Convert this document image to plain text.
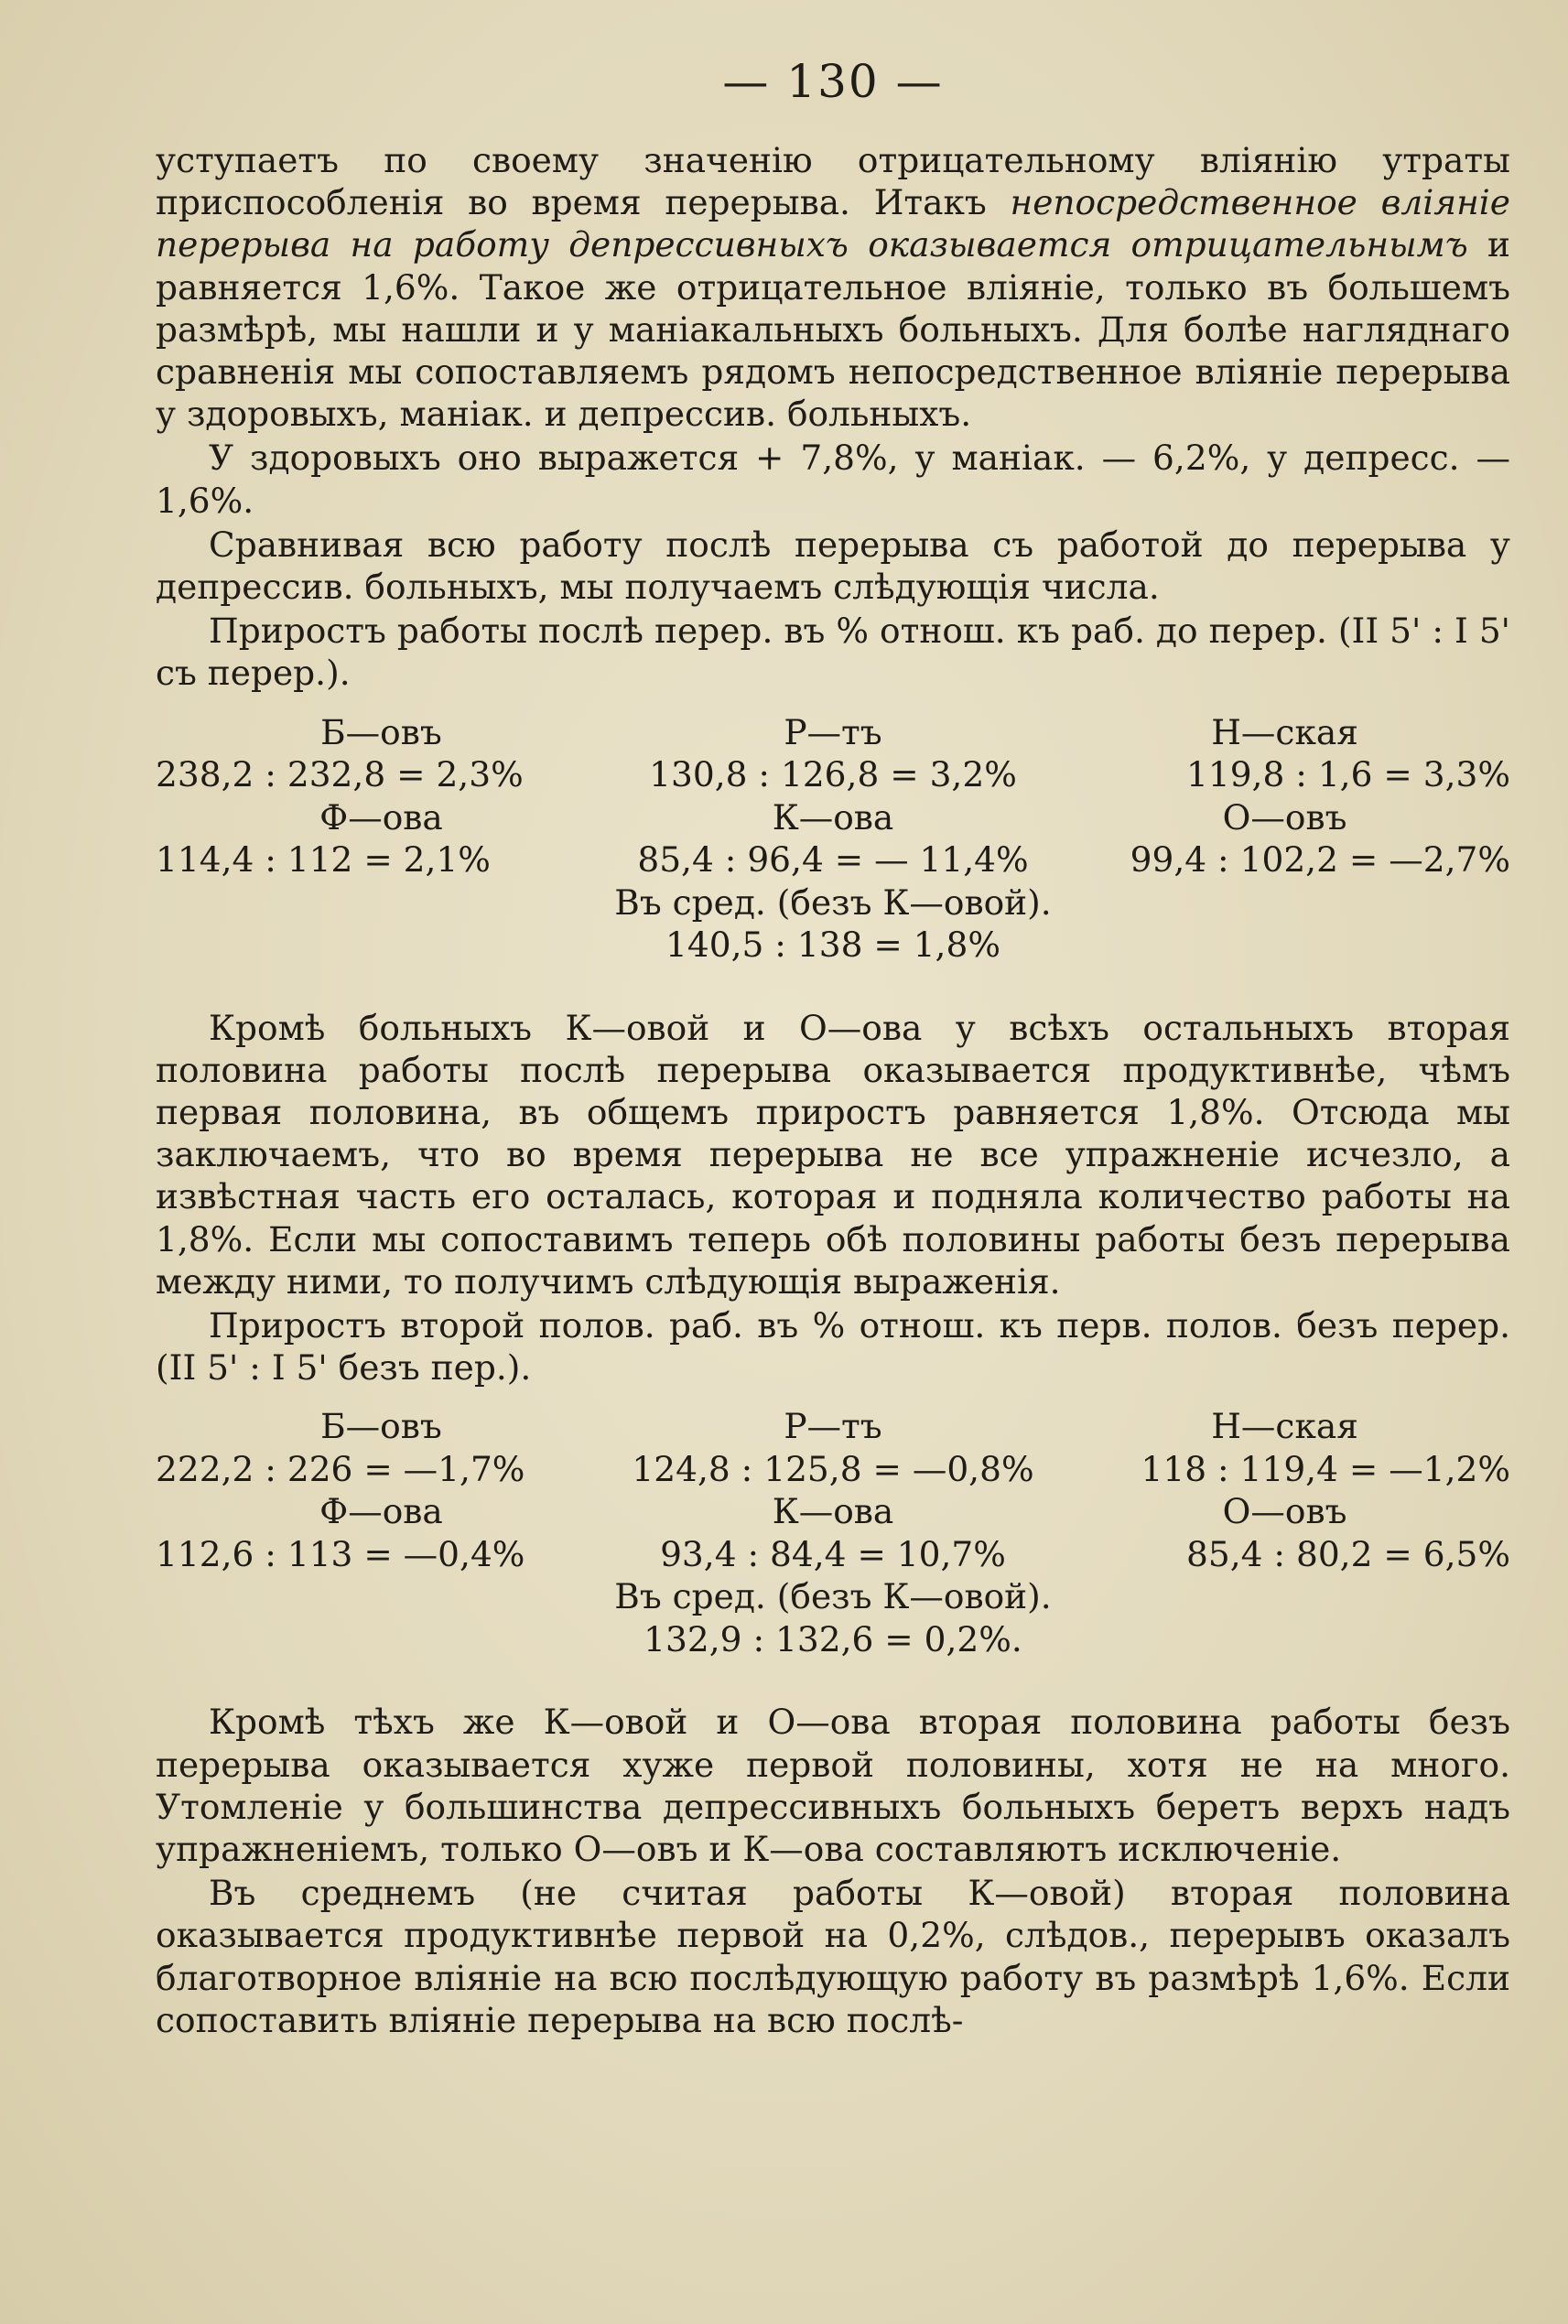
— 130 —

уступаетъ по своему значенію отрицательному вліянію утраты приспособленія во время перерыва. Итакъ непосредственное вліяніе перерыва на работу депрессивныхъ оказывается отрицательнымъ и равняется 1,6%. Такое же отрицательное вліяніе, только въ большемъ размѣрѣ, мы нашли и у маніакальныхъ больныхъ. Для болѣе нагляднаго сравненія мы сопоставляемъ рядомъ непосредственное вліяніе перерыва у здоровыхъ, маніак. и депрессив. больныхъ.

У здоровыхъ оно выражется + 7,8%, у маніак. — 6,2%, у депресс. —1,6%.

Сравнивая всю работу послѣ перерыва съ работой до перерыва у депрессив. больныхъ, мы получаемъ слѣдующія числа.

Приростъ работы послѣ перер. въ % отнош. къ раб. до перер. (II 5' : I 5' съ перер.).

Б—овъ	Р—тъ	Н—ская
238,2 : 232,8 = 2,3%	130,8 : 126,8 = 3,2%	119,8 : 1,6 = 3,3%
Ф—ова	К—ова	О—овъ
114,4 : 112 = 2,1%	85,4 : 96,4 = — 11,4%	99,4 : 102,2 = —2,7%
Въ сред. (безъ К—овой).
140,5 : 138 = 1,8%

Кромѣ больныхъ К—овой и О—ова у всѣхъ остальныхъ вторая половина работы послѣ перерыва оказывается продуктивнѣе, чѣмъ первая половина, въ общемъ приростъ равняется 1,8%. Отсюда мы заключаемъ, что во время перерыва не все упражненіе исчезло, а извѣстная часть его осталась, которая и подняла количество работы на 1,8%. Если мы сопоставимъ теперь обѣ половины работы безъ перерыва между ними, то получимъ слѣдующія выраженія.

Приростъ второй полов. раб. въ % отнош. къ перв. полов. безъ перер. (II 5' : I 5' безъ пер.).

Б—овъ	Р—тъ	Н—ская
222,2 : 226 = —1,7%	124,8 : 125,8 = —0,8%	118 : 119,4 = —1,2%
Ф—ова	К—ова	О—овъ
112,6 : 113 = —0,4%	93,4 : 84,4 = 10,7%	85,4 : 80,2 = 6,5%
Въ сред. (безъ К—овой).
132,9 : 132,6 = 0,2%.

Кромѣ тѣхъ же К—овой и О—ова вторая половина работы безъ перерыва оказывается хуже первой половины, хотя не на много. Утомленіе у большинства депрессивныхъ больныхъ беретъ верхъ надъ упражненіемъ, только О—овъ и К—ова составляютъ исключеніе.

Въ среднемъ (не считая работы К—овой) вторая половина оказывается продуктивнѣе первой на 0,2%, слѣдов., перерывъ оказалъ благотворное вліяніе на всю послѣдующую работу въ размѣрѣ 1,6%. Если сопоставить вліяніе перерыва на всю послѣ-
